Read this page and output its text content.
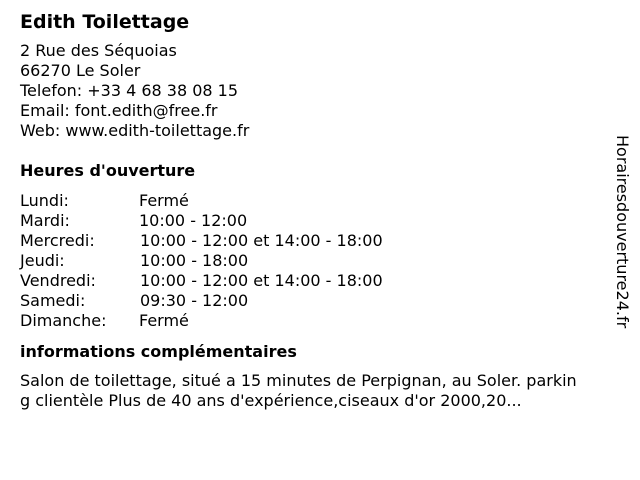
Edith Toilettage
2 Rue des Séquoias
66270 Le Soler
Telefon: +33 4 68 38 08 15
Email: font.edith@free.fr
Web: www.edith-toilettage.fr
Heures d'ouverture
Lundi:	Fermé
Mardi:	10:00 - 12:00
Mercredi:	10:00 - 12:00 et 14:00 - 18:00
Jeudi:	10:00 - 18:00
Vendredi:	10:00 - 12:00 et 14:00 - 18:00
Samedi:	09:30 - 12:00
Dimanche: Fermé
informations complémentaires
Salon de toilettage, situé a 15 minutes de Perpignan, au Soler. parking clientèle Plus de 40 ans d'expérience,ciseaux d'or 2000,20...
Horairesdouverture24.fr
